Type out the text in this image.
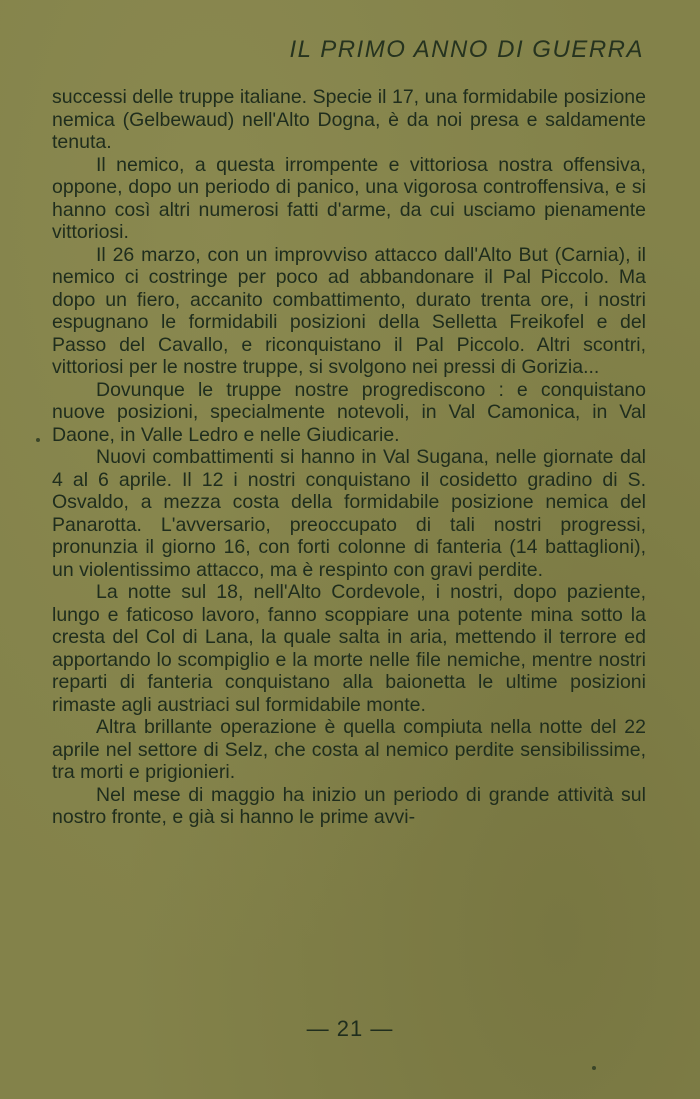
IL PRIMO ANNO DI GUERRA

successi delle truppe italiane. Specie il 17, una formidabile posizione nemica (Gelbewaud) nell'Alto Dogna, è da noi presa e saldamente tenuta.

Il nemico, a questa irrompente e vittoriosa nostra offensiva, oppone, dopo un periodo di panico, una vigorosa controffensiva, e si hanno così altri numerosi fatti d'arme, da cui usciamo pienamente vittoriosi.

Il 26 marzo, con un improvviso attacco dall'Alto But (Carnia), il nemico ci costringe per poco ad abbandonare il Pal Piccolo. Ma dopo un fiero, accanito combattimento, durato trenta ore, i nostri espugnano le formidabili posizioni della Selletta Freikofel e del Passo del Cavallo, e riconquistano il Pal Piccolo. Altri scontri, vittoriosi per le nostre truppe, si svolgono nei pressi di Gorizia...

Dovunque le truppe nostre progrediscono : e conquistano nuove posizioni, specialmente notevoli, in Val Camonica, in Val Daone, in Valle Ledro e nelle Giudicarie.

Nuovi combattimenti si hanno in Val Sugana, nelle giornate dal 4 al 6 aprile. Il 12 i nostri conquistano il cosidetto gradino di S. Osvaldo, a mezza costa della formidabile posizione nemica del Panarotta. L'avversario, preoccupato di tali nostri progressi, pronunzia il giorno 16, con forti colonne di fanteria (14 battaglioni), un violentissimo attacco, ma è respinto con gravi perdite.

La notte sul 18, nell'Alto Cordevole, i nostri, dopo paziente, lungo e faticoso lavoro, fanno scoppiare una potente mina sotto la cresta del Col di Lana, la quale salta in aria, mettendo il terrore ed apportando lo scompiglio e la morte nelle file nemiche, mentre nostri reparti di fanteria conquistano alla baionetta le ultime posizioni rimaste agli austriaci sul formidabile monte.

Altra brillante operazione è quella compiuta nella notte del 22 aprile nel settore di Selz, che costa al nemico perdite sensibilissime, tra morti e prigionieri.

Nel mese di maggio ha inizio un periodo di grande attività sul nostro fronte, e già si hanno le prime avvi-

— 21 —
